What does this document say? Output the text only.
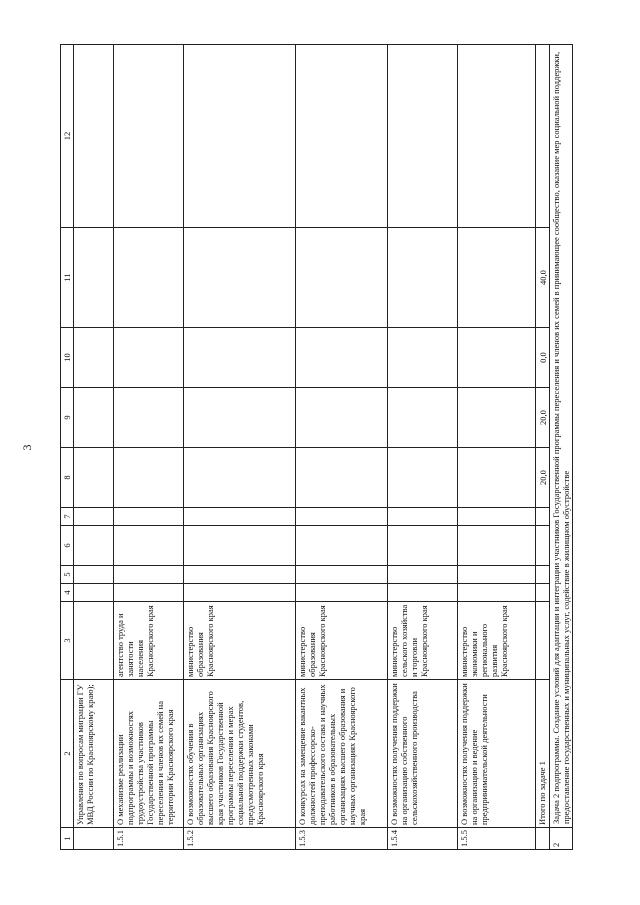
3
1	2	3	4	5	6	7	8	9	10	11	12
	Управления по вопросам миграции ГУ МВД России по Красноярскому краю);										
1.5.1	О механизме реализации подпрограммы и возможностях трудоустройства участников Государственной программы переселения и членов их семей на территории Красноярского края	агентство труда и занятости населения Красноярского края									
1.5.2	О возможностях обучения в образовательных организациях высшего образования Красноярского края участников Государственной программы переселения и мерах социальной поддержки студентов, предусмотренных законами Красноярского края	министерство образования Красноярского края									
1.5.3	О конкурсах на замещение вакантных должностей профессорско-преподавательского состава и научных работников в образовательных организациях высшего образования и научных организациях Красноярского края	министерство образования Красноярского края									
1.5.4	О возможностях получения поддержки на организацию собственного сельскохозяйственного производства	министерство сельского хозяйства и торговли Красноярского края									
1.5.5	О возможностях получения поддержки на организацию и ведение предпринимательской деятельности	министерство экономики и регионального развития Красноярского края									
	Итого по задаче 1						20,0	20,0	0,0	40,0	
2	Задача 2 подпрограммы. Создание условий для адаптации и интеграции участников Государственной программы переселения и членов их семей в принимающее сообщество, оказание мер социальной поддержки, предоставление государственных и муниципальных услуг, содействие в жилищном обустройстве										
